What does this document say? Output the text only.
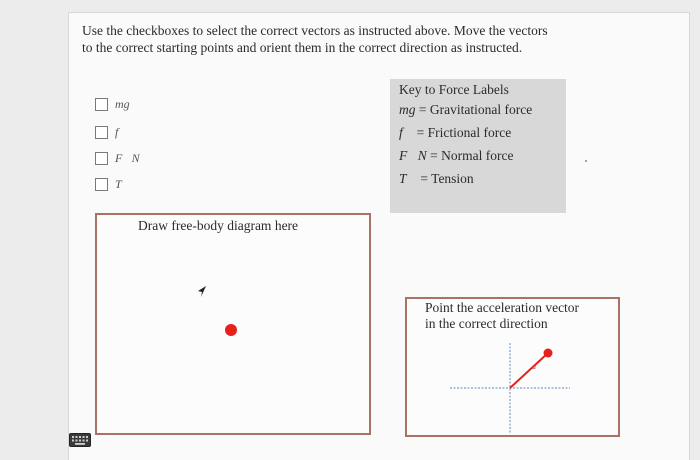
Use the checkboxes to select the correct vectors as instructed above. Move the vectors
to the correct starting points and orient them in the correct direction as instructed.
mg
f⃗
F⃗N
T⃗
Key to Force Labels
mg = Gravitational force
f⃗ = Frictional force
F⃗N = Normal force
T⃗ = Tension
Draw free-body diagram here
Point the acceleration vector
in the correct direction
a
